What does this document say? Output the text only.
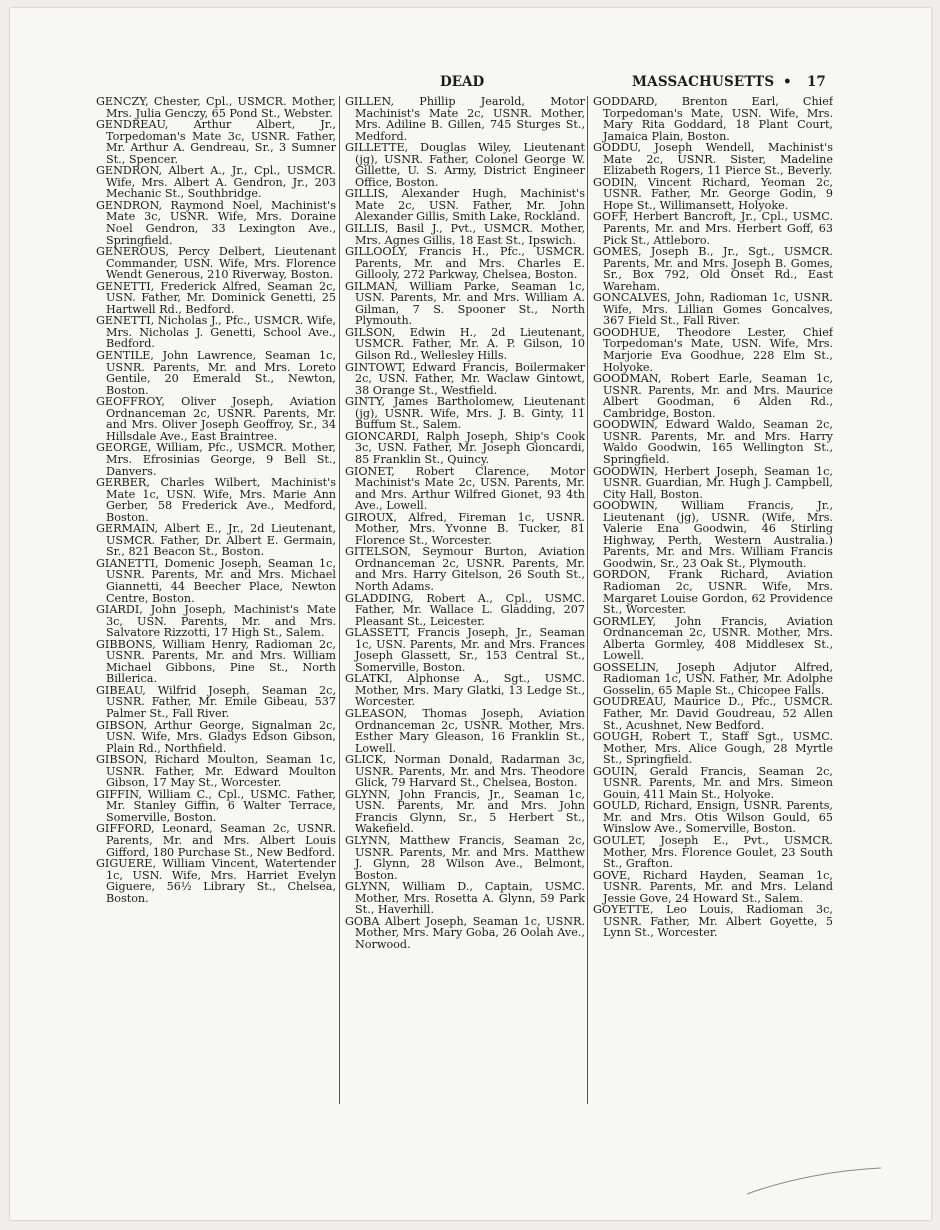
DEAD	MASSACHUSETTS • 17

GENCZY, Chester, Cpl., USMCR. Mother, Mrs. Julia Genczy, 65 Pond St., Webster.

GENDREAU, Arthur Albert, Jr., Torpedoman's Mate 3c, USNR. Father, Mr. Arthur A. Gendreau, Sr., 3 Sumner St., Spencer.

GENDRON, Albert A., Jr., Cpl., USMCR. Wife, Mrs. Albert A. Gendron, Jr., 203 Mechanic St., Southbridge.

GENDRON, Raymond Noel, Machinist's Mate 3c, USNR. Wife, Mrs. Doraine Noel Gendron, 33 Lexington Ave., Springfield.

GENEROUS, Percy Delbert, Lieutenant Commander, USN. Wife, Mrs. Florence Wendt Generous, 210 Riverway, Boston.

GENETTI, Frederick Alfred, Seaman 2c, USN. Father, Mr. Dominick Genetti, 25 Hartwell Rd., Bedford.

GENETTI, Nicholas J., Pfc., USMCR. Wife, Mrs. Nicholas J. Genetti, School Ave., Bedford.

GENTILE, John Lawrence, Seaman 1c, USNR. Parents, Mr. and Mrs. Loreto Gentile, 20 Emerald St., Newton, Boston.

GEOFFROY, Oliver Joseph, Aviation Ordnanceman 2c, USNR. Parents, Mr. and Mrs. Oliver Joseph Geoffroy, Sr., 34 Hillsdale Ave., East Braintree.

GEORGE, William, Pfc., USMCR. Mother, Mrs. Efrosinias George, 9 Bell St., Danvers.

GERBER, Charles Wilbert, Machinist's Mate 1c, USN. Wife, Mrs. Marie Ann Gerber, 58 Frederick Ave., Medford, Boston.

GERMAIN, Albert E., Jr., 2d Lieutenant, USMCR. Father, Dr. Albert E. Germain, Sr., 821 Beacon St., Boston.

GIANETTI, Domenic Joseph, Seaman 1c, USNR. Parents, Mr. and Mrs. Michael Giannetti, 44 Beecher Place, Newton Centre, Boston.

GIARDI, John Joseph, Machinist's Mate 3c, USN. Parents, Mr. and Mrs. Salvatore Rizzotti, 17 High St., Salem.

GIBBONS, William Henry, Radioman 2c, USNR. Parents, Mr. and Mrs. William Michael Gibbons, Pine St., North Billerica.

GIBEAU, Wilfrid Joseph, Seaman 2c, USNR. Father, Mr. Emile Gibeau, 537 Palmer St., Fall River.

GIBSON, Arthur George, Signalman 2c, USN. Wife, Mrs. Gladys Edson Gibson, Plain Rd., Northfield.

GIBSON, Richard Moulton, Seaman 1c, USNR. Father, Mr. Edward Moulton Gibson, 17 May St., Worcester.

GIFFIN, William C., Cpl., USMC. Father, Mr. Stanley Giffin, 6 Walter Terrace, Somerville, Boston.

GIFFORD, Leonard, Seaman 2c, USNR. Parents, Mr. and Mrs. Albert Louis Gifford, 180 Purchase St., New Bedford.

GIGUERE, William Vincent, Watertender 1c, USN. Wife, Mrs. Harriet Evelyn Giguere, 56½ Library St., Chelsea, Boston.

GILLEN, Phillip Jearold, Motor Machinist's Mate 2c, USNR. Mother, Mrs. Adiline B. Gillen, 745 Sturges St., Medford.

GILLETTE, Douglas Wiley, Lieutenant (jg), USNR. Father, Colonel George W. Gillette, U. S. Army, District Engineer Office, Boston.

GILLIS, Alexander Hugh, Machinist's Mate 2c, USN. Father, Mr. John Alexander Gillis, Smith Lake, Rockland.

GILLIS, Basil J., Pvt., USMCR. Mother, Mrs. Agnes Gillis, 18 East St., Ipswich.

GILLOOLY, Francis H., Pfc., USMCR. Parents, Mr. and Mrs. Charles E. Gillooly, 272 Parkway, Chelsea, Boston.

GILMAN, William Parke, Seaman 1c, USN. Parents, Mr. and Mrs. William A. Gilman, 7 S. Spooner St., North Plymouth.

GILSON, Edwin H., 2d Lieutenant, USMCR. Father, Mr. A. P. Gilson, 10 Gilson Rd., Wellesley Hills.

GINTOWT, Edward Francis, Boilermaker 2c, USN. Father, Mr. Waclaw Gintowt, 38 Orange St., Westfield.

GINTY, James Bartholomew, Lieutenant (jg), USNR. Wife, Mrs. J. B. Ginty, 11 Buffum St., Salem.

GIONCARDI, Ralph Joseph, Ship's Cook 3c, USN. Father, Mr. Joseph Gioncardi, 85 Franklin St., Quincy.

GIONET, Robert Clarence, Motor Machinist's Mate 2c, USN. Parents, Mr. and Mrs. Arthur Wilfred Gionet, 93 4th Ave., Lowell.

GIROUX, Alfred, Fireman 1c, USNR. Mother, Mrs. Yvonne B. Tucker, 81 Florence St., Worcester.

GITELSON, Seymour Burton, Aviation Ordnanceman 2c, USNR. Parents, Mr. and Mrs. Harry Gitelson, 26 South St., North Adams.

GLADDING, Robert A., Cpl., USMC. Father, Mr. Wallace L. Gladding, 207 Pleasant St., Leicester.

GLASSETT, Francis Joseph, Jr., Seaman 1c, USN. Parents, Mr. and Mrs. Frances Joseph Glassett, Sr., 153 Central St., Somerville, Boston.

GLATKI, Alphonse A., Sgt., USMC. Mother, Mrs. Mary Glatki, 13 Ledge St., Worcester.

GLEASON, Thomas Joseph, Aviation Ordnanceman 2c, USNR. Mother, Mrs. Esther Mary Gleason, 16 Franklin St., Lowell.

GLICK, Norman Donald, Radarman 3c, USNR. Parents, Mr. and Mrs. Theodore Glick, 79 Harvard St., Chelsea, Boston.

GLYNN, John Francis, Jr., Seaman 1c, USN. Parents, Mr. and Mrs. John Francis Glynn, Sr., 5 Herbert St., Wakefield.

GLYNN, Matthew Francis, Seaman 2c, USNR. Parents, Mr. and Mrs. Matthew J. Glynn, 28 Wilson Ave., Belmont, Boston.

GLYNN, William D., Captain, USMC. Mother, Mrs. Rosetta A. Glynn, 59 Park St., Haverhill.

GOBA Albert Joseph, Seaman 1c, USNR. Mother, Mrs. Mary Goba, 26 Oolah Ave., Norwood.

GODDARD, Brenton Earl, Chief Torpedoman's Mate, USN. Wife, Mrs. Mary Rita Goddard, 18 Plant Court, Jamaica Plain, Boston.

GODDU, Joseph Wendell, Machinist's Mate 2c, USNR. Sister, Madeline Elizabeth Rogers, 11 Pierce St., Beverly.

GODIN, Vincent Richard, Yeoman 2c, USNR. Father, Mr. George Godin, 9 Hope St., Willimansett, Holyoke.

GOFF, Herbert Bancroft, Jr., Cpl., USMC. Parents, Mr. and Mrs. Herbert Goff, 63 Pick St., Attleboro.

GOMES, Joseph B., Jr., Sgt., USMCR. Parents, Mr. and Mrs. Joseph B. Gomes, Sr., Box 792, Old Onset Rd., East Wareham.

GONCALVES, John, Radioman 1c, USNR. Wife, Mrs. Lillian Gomes Goncalves, 367 Field St., Fall River.

GOODHUE, Theodore Lester, Chief Torpedoman's Mate, USN. Wife, Mrs. Marjorie Eva Goodhue, 228 Elm St., Holyoke.

GOODMAN, Robert Earle, Seaman 1c, USNR. Parents, Mr. and Mrs. Maurice Albert Goodman, 6 Alden Rd., Cambridge, Boston.

GOODWIN, Edward Waldo, Seaman 2c, USNR. Parents, Mr. and Mrs. Harry Waldo Goodwin, 165 Wellington St., Springfield.

GOODWIN, Herbert Joseph, Seaman 1c, USNR. Guardian, Mr. Hugh J. Campbell, City Hall, Boston.

GOODWIN, William Francis, Jr., Lieutenant (jg), USNR. (Wife, Mrs. Valerie Ena Goodwin, 46 Stirling Highway, Perth, Western Australia.) Parents, Mr. and Mrs. William Francis Goodwin, Sr., 23 Oak St., Plymouth.

GORDON, Frank Richard, Aviation Radioman 2c, USNR. Wife, Mrs. Margaret Louise Gordon, 62 Providence St., Worcester.

GORMLEY, John Francis, Aviation Ordnanceman 2c, USNR. Mother, Mrs. Alberta Gormley, 408 Middlesex St., Lowell.

GOSSELIN, Joseph Adjutor Alfred, Radioman 1c, USN. Father, Mr. Adolphe Gosselin, 65 Maple St., Chicopee Falls.

GOUDREAU, Maurice D., Pfc., USMCR. Father, Mr. David Goudreau, 52 Allen St., Acushnet, New Bedford.

GOUGH, Robert T., Staff Sgt., USMC. Mother, Mrs. Alice Gough, 28 Myrtle St., Springfield.

GOUIN, Gerald Francis, Seaman 2c, USNR. Parents, Mr. and Mrs. Simeon Gouin, 411 Main St., Holyoke.

GOULD, Richard, Ensign, USNR. Parents, Mr. and Mrs. Otis Wilson Gould, 65 Winslow Ave., Somerville, Boston.

GOULET, Joseph E., Pvt., USMCR. Mother, Mrs. Florence Goulet, 23 South St., Grafton.

GOVE, Richard Hayden, Seaman 1c, USNR. Parents, Mr. and Mrs. Leland Jessie Gove, 24 Howard St., Salem.

GOYETTE, Leo Louis, Radioman 3c, USNR. Father, Mr. Albert Goyette, 5 Lynn St., Worcester.
